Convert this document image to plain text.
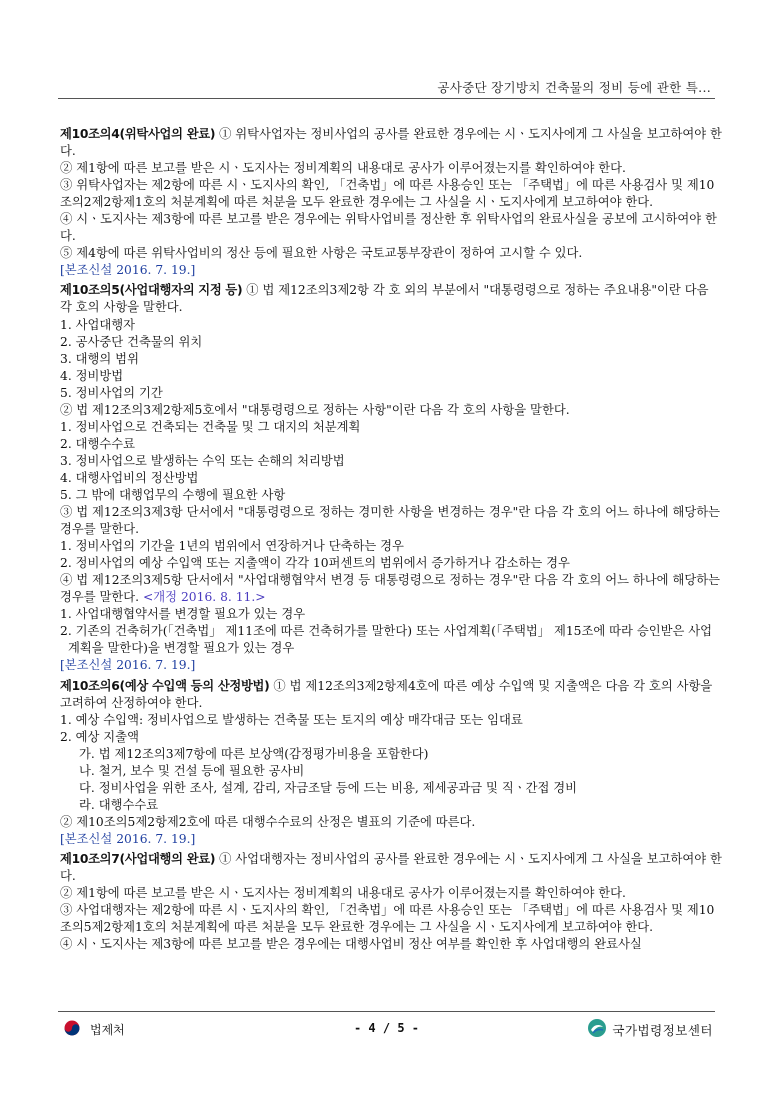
공사중단 장기방치 건축물의 정비 등에 관한 특...

제10조의4(위탁사업의 완료) ① 위탁사업자는 정비사업의 공사를 완료한 경우에는 시ㆍ도지사에게 그 사실을 보고하여야 한다.

② 제1항에 따른 보고를 받은 시ㆍ도지사는 정비계획의 내용대로 공사가 이루어졌는지를 확인하여야 한다.

③ 위탁사업자는 제2항에 따른 시ㆍ도지사의 확인, 「건축법」에 따른 사용승인 또는 「주택법」에 따른 사용검사 및 제10조의2제2항제1호의 처분계획에 따른 처분을 모두 완료한 경우에는 그 사실을 시ㆍ도지사에게 보고하여야 한다.

④ 시ㆍ도지사는 제3항에 따른 보고를 받은 경우에는 위탁사업비를 정산한 후 위탁사업의 완료사실을 공보에 고시하여야 한다.

⑤ 제4항에 따른 위탁사업비의 정산 등에 필요한 사항은 국토교통부장관이 정하여 고시할 수 있다.

[본조신설 2016. 7. 19.]

제10조의5(사업대행자의 지정 등) ① 법 제12조의3제2항 각 호 외의 부분에서 "대통령령으로 정하는 주요내용"이란 다음 각 호의 사항을 말한다.

1. 사업대행자

2. 공사중단 건축물의 위치

3. 대행의 범위

4. 정비방법

5. 정비사업의 기간

② 법 제12조의3제2항제5호에서 "대통령령으로 정하는 사항"이란 다음 각 호의 사항을 말한다.

1. 정비사업으로 건축되는 건축물 및 그 대지의 처분계획

2. 대행수수료

3. 정비사업으로 발생하는 수익 또는 손해의 처리방법

4. 대행사업비의 정산방법

5. 그 밖에 대행업무의 수행에 필요한 사항

③ 법 제12조의3제3항 단서에서 "대통령령으로 정하는 경미한 사항을 변경하는 경우"란 다음 각 호의 어느 하나에 해당하는 경우를 말한다.

1. 정비사업의 기간을 1년의 범위에서 연장하거나 단축하는 경우

2. 정비사업의 예상 수입액 또는 지출액이 각각 10퍼센트의 범위에서 증가하거나 감소하는 경우

④ 법 제12조의3제5항 단서에서 "사업대행협약서 변경 등 대통령령으로 정하는 경우"란 다음 각 호의 어느 하나에 해당하는 경우를 말한다. <개정 2016. 8. 11.>

1. 사업대행협약서를 변경할 필요가 있는 경우

2. 기존의 건축허가(「건축법」 제11조에 따른 건축허가를 말한다) 또는 사업계획(「주택법」 제15조에 따라 승인받은 사업계획을 말한다)을 변경할 필요가 있는 경우

[본조신설 2016. 7. 19.]

제10조의6(예상 수입액 등의 산정방법) ① 법 제12조의3제2항제4호에 따른 예상 수입액 및 지출액은 다음 각 호의 사항을 고려하여 산정하여야 한다.

1. 예상 수입액: 정비사업으로 발생하는 건축물 또는 토지의 예상 매각대금 또는 임대료

2. 예상 지출액

가. 법 제12조의3제7항에 따른 보상액(감정평가비용을 포함한다)

나. 철거, 보수 및 건설 등에 필요한 공사비

다. 정비사업을 위한 조사, 설계, 감리, 자금조달 등에 드는 비용, 제세공과금 및 직ㆍ간접 경비

라. 대행수수료

② 제10조의5제2항제2호에 따른 대행수수료의 산정은 별표의 기준에 따른다.

[본조신설 2016. 7. 19.]

제10조의7(사업대행의 완료) ① 사업대행자는 정비사업의 공사를 완료한 경우에는 시ㆍ도지사에게 그 사실을 보고하여야 한다.

② 제1항에 따른 보고를 받은 시ㆍ도지사는 정비계획의 내용대로 공사가 이루어졌는지를 확인하여야 한다.

③ 사업대행자는 제2항에 따른 시ㆍ도지사의 확인, 「건축법」에 따른 사용승인 또는 「주택법」에 따른 사용검사 및 제10조의5제2항제1호의 처분계획에 따른 처분을 모두 완료한 경우에는 그 사실을 시ㆍ도지사에게 보고하여야 한다.

④ 시ㆍ도지사는 제3항에 따른 보고를 받은 경우에는 대행사업비 정산 여부를 확인한 후 사업대행의 완료사실

법제처	- 4 / 5 -	국가법령정보센터
